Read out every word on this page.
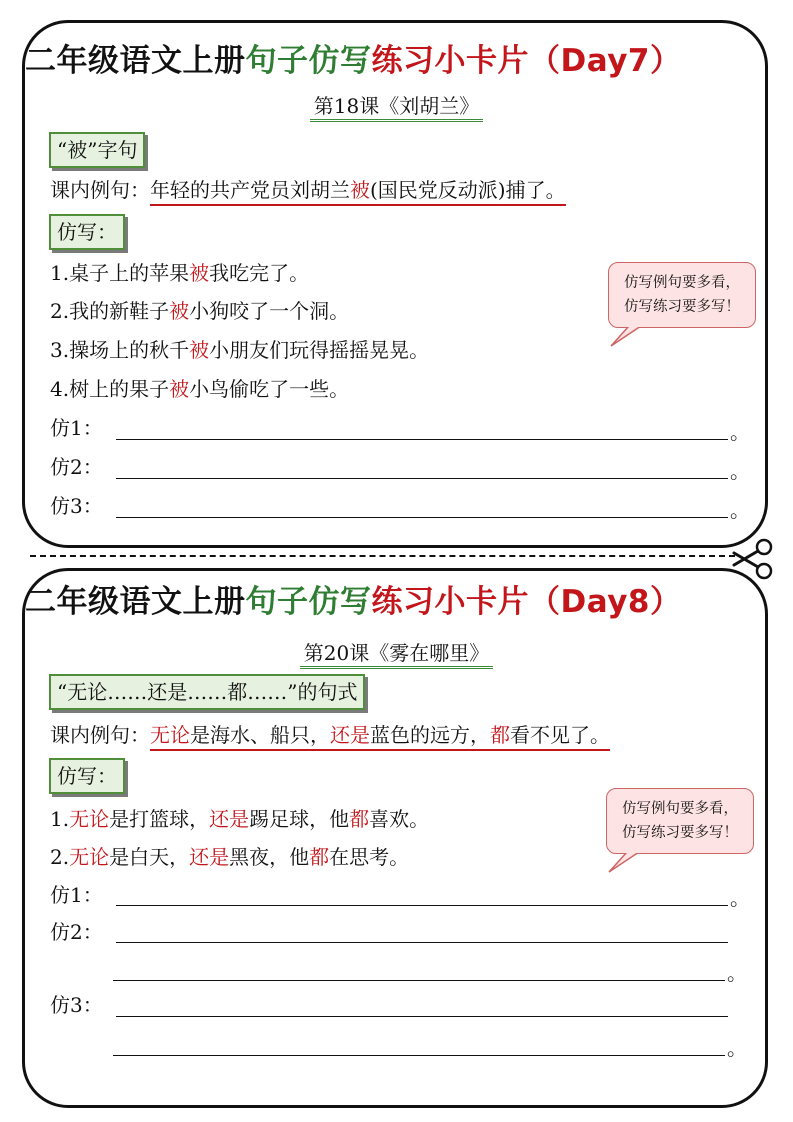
二年级语文上册句子仿写练习小卡片（Day7）
第18课《刘胡兰》
“被”字句
课内例句：年轻的共产党员刘胡兰被(国民党反动派)捕了。
仿写：
1.桌子上的苹果被我吃完了。
2.我的新鞋子被小狗咬了一个洞。
3.操场上的秋千被小朋友们玩得摇摇晃晃。
4.树上的果子被小鸟偷吃了一些。
仿写例句要多看，
仿写练习要多写！
仿1：	。
仿2：	。
仿3：	。
二年级语文上册句子仿写练习小卡片（Day8）
第20课《雾在哪里》
“无论……还是……都……”的句式
课内例句：无论是海水、船只，还是蓝色的远方，都看不见了。
仿写：
1.无论是打篮球，还是踢足球，他都喜欢。
2.无论是白天，还是黑夜，他都在思考。
仿写例句要多看，
仿写练习要多写！
仿1：	。
仿2：
。
仿3：
。
